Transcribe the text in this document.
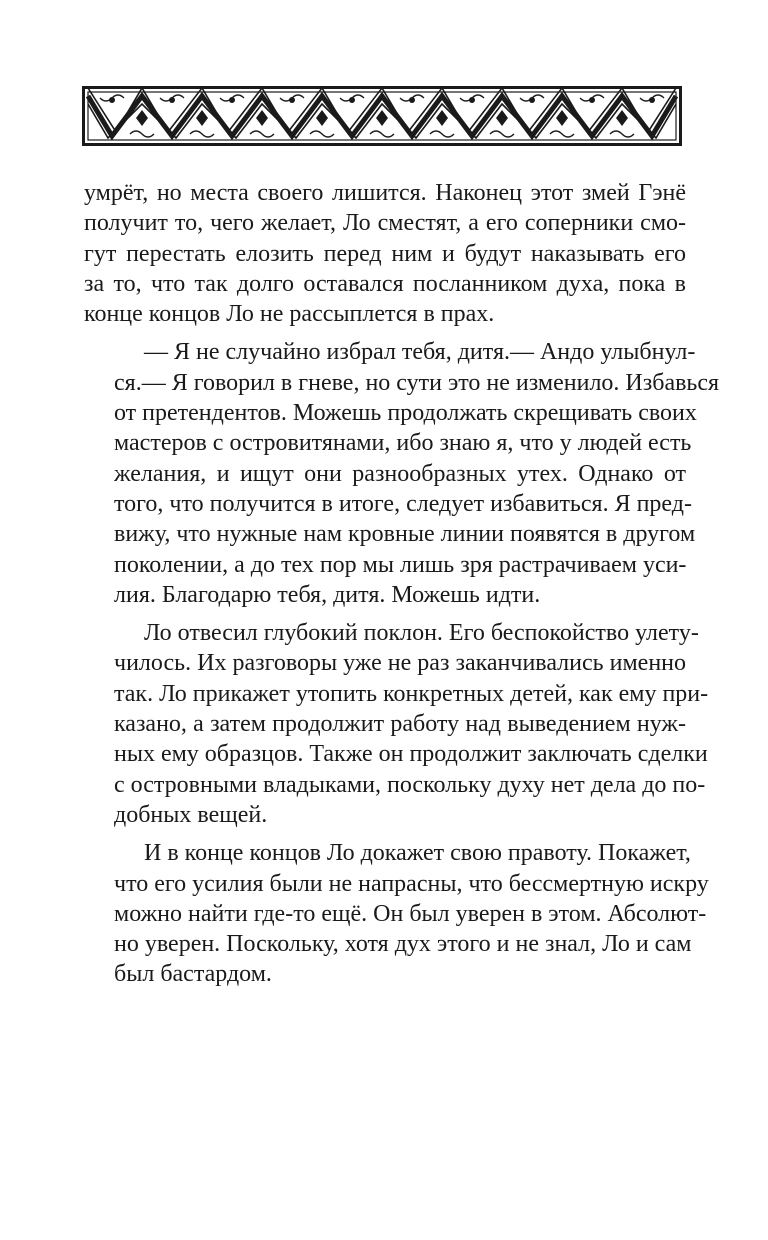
умрёт, но места своего лишится. Наконец этот змей Гэнё
получит то, чего желает, Ло сместят, а его соперники смо-
гут перестать елозить перед ним и будут наказывать его
за то, что так долго оставался посланником духа, пока в
конце концов Ло не рассыплется в прах.

— Я не случайно избрал тебя, дитя.— Андо улыбнул-
ся.— Я говорил в гневе, но сути это не изменило. Избавься
от претендентов. Можешь продолжать скрещивать своих
мастеров с островитянами, ибо знаю я, что у людей есть
желания, и ищут они разнообразных утех. Однако от
того, что получится в итоге, следует избавиться. Я пред-
вижу, что нужные нам кровные линии появятся в другом
поколении, а до тех пор мы лишь зря растрачиваем уси-
лия. Благодарю тебя, дитя. Можешь идти.

Ло отвесил глубокий поклон. Его беспокойство улету-
чилось. Их разговоры уже не раз заканчивались именно
так. Ло прикажет утопить конкретных детей, как ему при-
казано, а затем продолжит работу над выведением нуж-
ных ему образцов. Также он продолжит заключать сделки
с островными владыками, поскольку духу нет дела до по-
добных вещей.

И в конце концов Ло докажет свою правоту. Покажет,
что его усилия были не напрасны, что бессмертную искру
можно найти где-то ещё. Он был уверен в этом. Абсолют-
но уверен. Поскольку, хотя дух этого и не знал, Ло и сам
был бастардом.
